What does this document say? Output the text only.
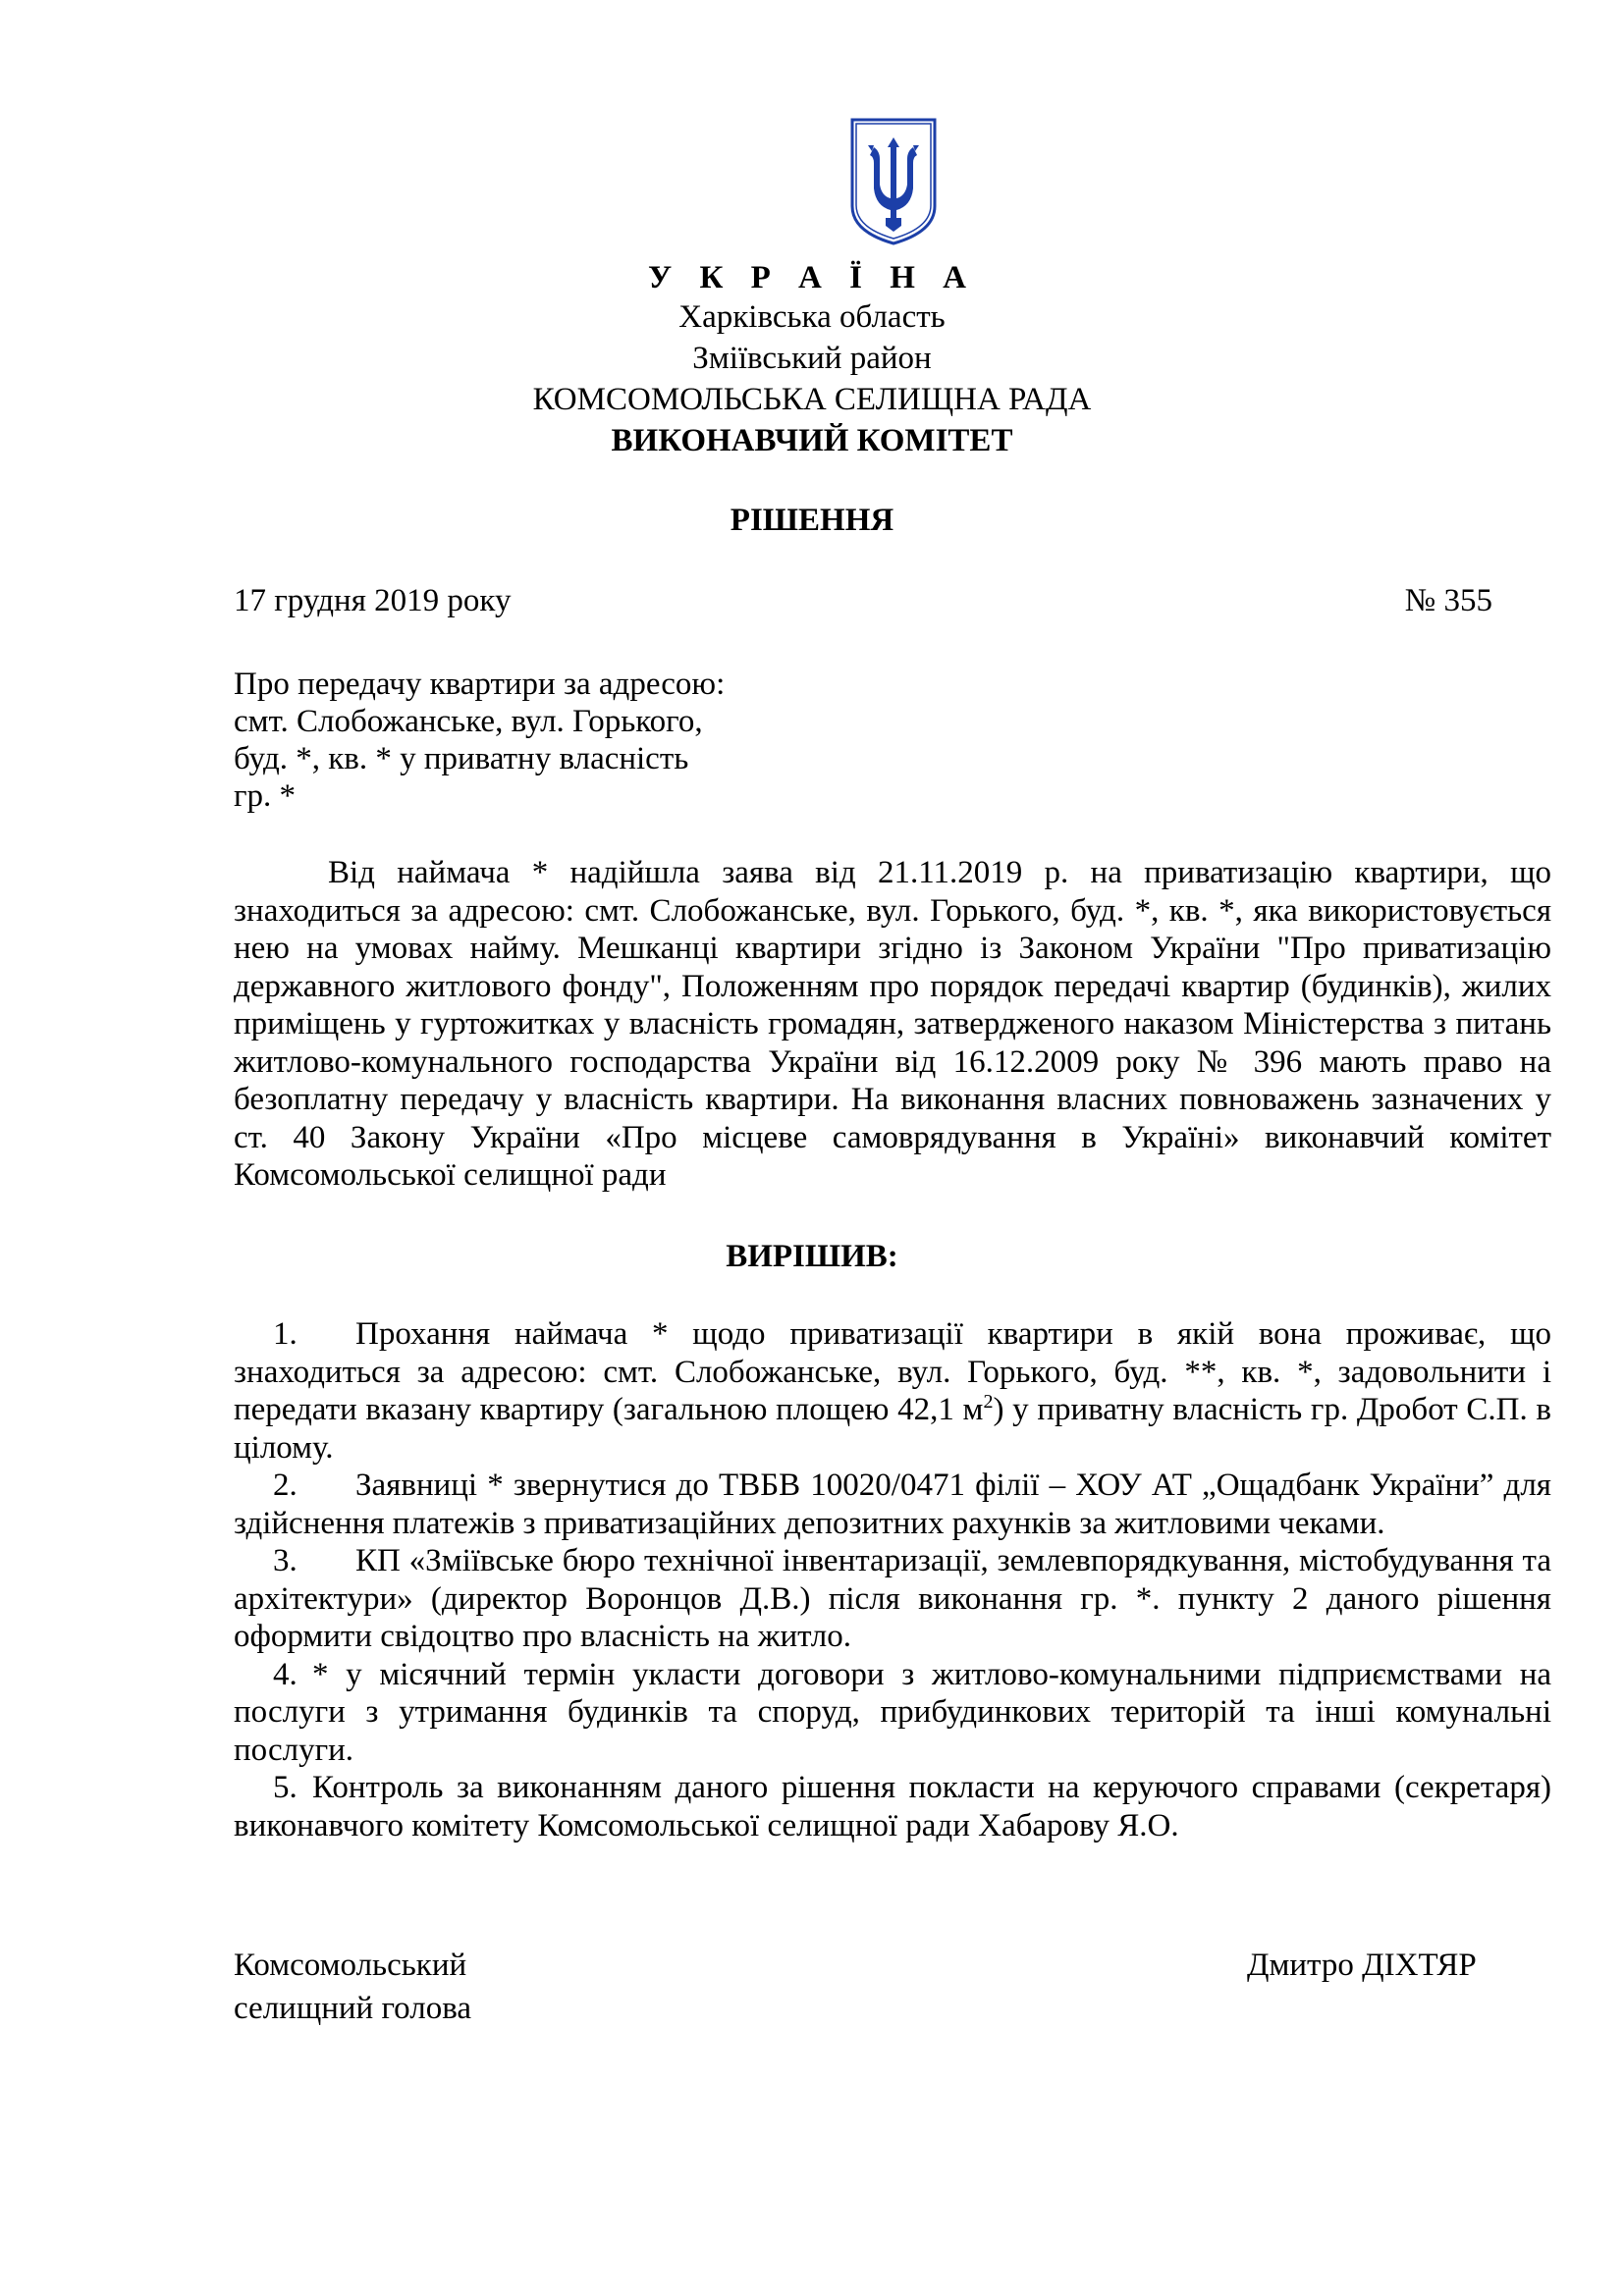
У К Р А Ї Н А
Харківська область
Зміївський район
КОМСОМОЛЬСЬКА СЕЛИЩНА РАДА
ВИКОНАВЧИЙ КОМІТЕТ
РІШЕННЯ
17 грудня 2019 року	№ 355
Про передачу квартири за адресою:
смт. Слобожанське, вул. Горького,
буд. *, кв. * у приватну власність
гр. *
Від наймача * надійшла заява від 21.11.2019 р. на приватизацію квартири, що знаходиться за адресою: смт. Слобожанське, вул. Горького, буд. *, кв. *, яка використовується нею на умовах найму. Мешканці квартири згідно із Законом України "Про приватизацію державного житлового фонду", Положенням про порядок передачі квартир (будинків), жилих приміщень у гуртожитках у власність громадян, затвердженого наказом Міністерства з питань житлово-комунального господарства України від 16.12.2009 року № 396 мають право на безоплатну передачу у власність квартири. На виконання власних повноважень зазначених у ст. 40 Закону України «Про місцеве самоврядування в Україні» виконавчий комітет Комсомольської селищної ради
ВИРІШИВ:

1. Прохання наймача * щодо приватизації квартири в якій вона проживає, що знаходиться за адресою: смт. Слобожанське, вул. Горького, буд. **, кв. *, задовольнити і передати вказану квартиру (загальною площею 42,1 $м^2$) у приватну власність гр. Дробот С.П. в цілому.

2. Заявниці * звернутися до ТВБВ 10020/0471 філії – ХОУ АТ „Ощадбанк України” для здійснення платежів з приватизаційних депозитних рахунків за житловими чеками.

3. КП «Зміївське бюро технічної інвентаризації, землевпорядкування, містобудування та архітектури» (директор Воронцов Д.В.) після виконання гр. *. пункту 2 даного рішення оформити свідоцтво про власність на житло.

4. * у місячний термін укласти договори з житлово-комунальними підприємствами на послуги з утримання будинків та споруд, прибудинкових територій та інші комунальні послуги.

5. Контроль за виконанням даного рішення покласти на керуючого справами (секретаря) виконавчого комітету Комсомольської селищної ради Хабарову Я.О.

Комсомольський
селищний голова
Дмитро ДІХТЯР
